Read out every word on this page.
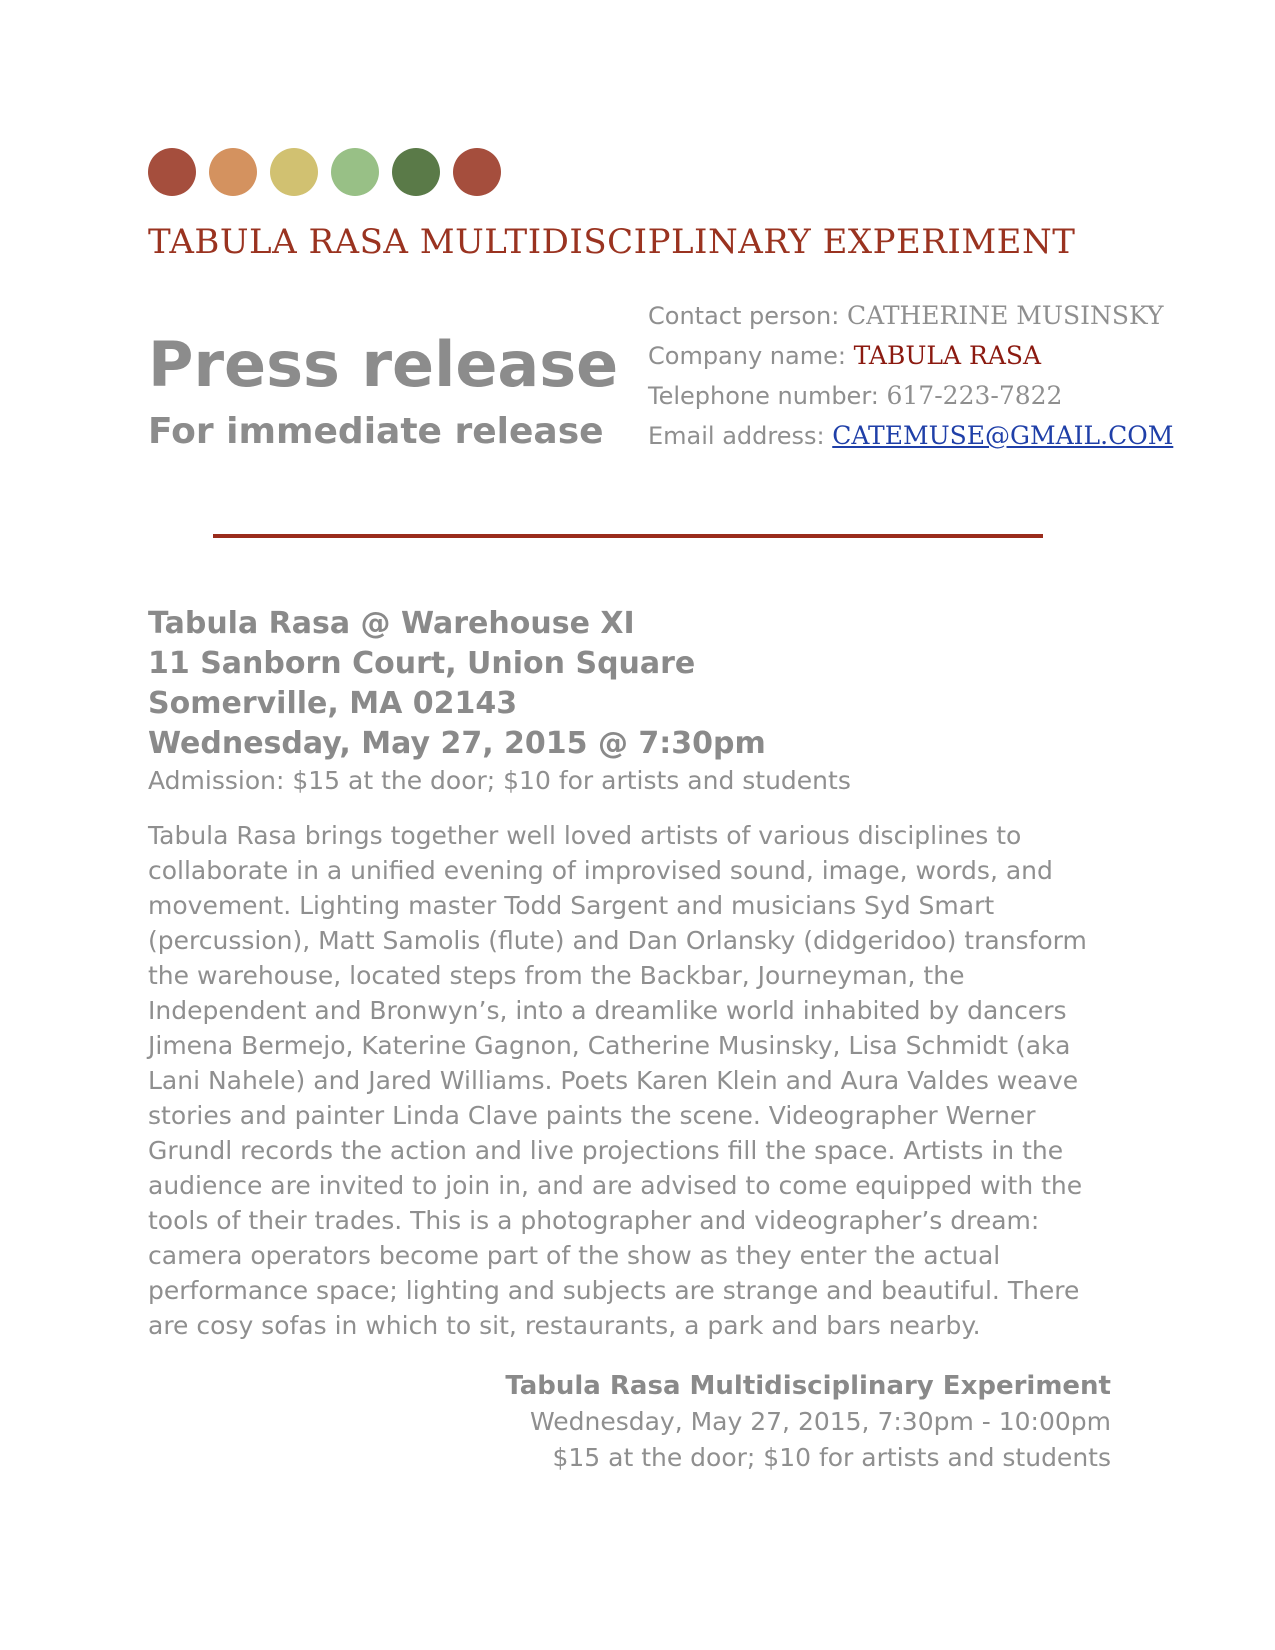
TABULA RASA MULTIDISCIPLINARY EXPERIMENT
Press release
For immediate release
Contact person: CATHERINE MUSINSKY
Company name: TABULA RASA
Telephone number: 617-223-7822
Email address: CATEMUSE@GMAIL.COM
Tabula Rasa @ Warehouse XI
11 Sanborn Court, Union Square
Somerville, MA 02143
Wednesday, May 27, 2015 @ 7:30pm
Admission: $15 at the door; $10 for artists and students
Tabula Rasa brings together well loved artists of various disciplines to
collaborate in a unified evening of improvised sound, image, words, and
movement. Lighting master Todd Sargent and musicians Syd Smart
(percussion), Matt Samolis (flute) and Dan Orlansky (didgeridoo) transform
the warehouse, located steps from the Backbar, Journeyman, the
Independent and Bronwyn’s, into a dreamlike world inhabited by dancers
Jimena Bermejo, Katerine Gagnon, Catherine Musinsky, Lisa Schmidt (aka
Lani Nahele) and Jared Williams. Poets Karen Klein and Aura Valdes weave
stories and painter Linda Clave paints the scene. Videographer Werner
Grundl records the action and live projections fill the space. Artists in the
audience are invited to join in, and are advised to come equipped with the
tools of their trades. This is a photographer and videographer’s dream:
camera operators become part of the show as they enter the actual
performance space; lighting and subjects are strange and beautiful. There
are cosy sofas in which to sit, restaurants, a park and bars nearby.
Tabula Rasa Multidisciplinary Experiment
Wednesday, May 27, 2015, 7:30pm - 10:00pm
$15 at the door; $10 for artists and students
